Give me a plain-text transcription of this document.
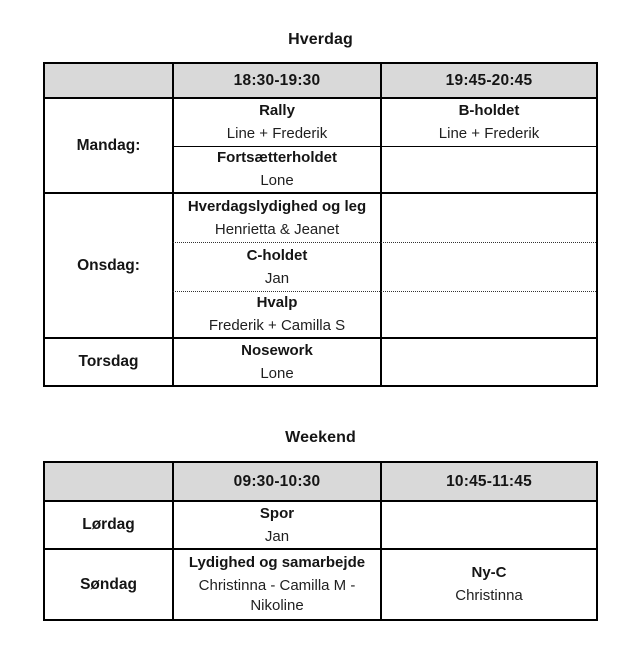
Hverdag
18:30-19:30	19:45-20:45
Mandag:
Rally
Line + Frederik
B-holdet
Line + Frederik
Fortsætterholdet
Lone
Onsdag:
Hverdagslydighed og leg
Henrietta & Jeanet
C-holdet
Jan
Hvalp
Frederik + Camilla S
Torsdag
Nosework
Lone
Weekend
09:30-10:30	10:45-11:45
Lørdag
Spor
Jan
Søndag
Lydighed og samarbejde
Christinna - Camilla M - Nikoline
Ny-C
Christinna
